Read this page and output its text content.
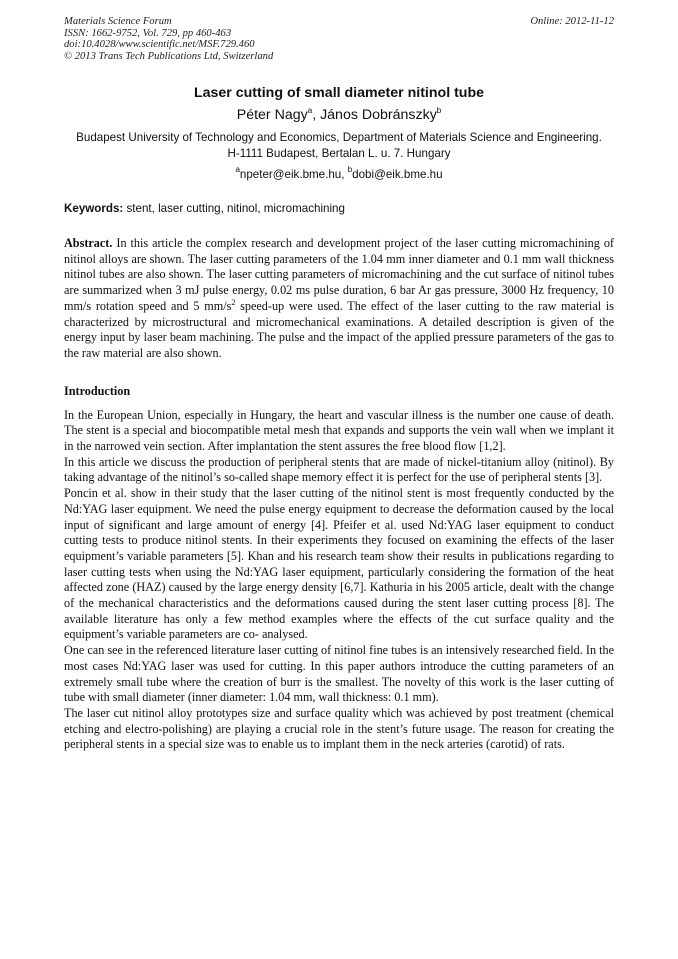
Materials Science Forum
ISSN: 1662-9752, Vol. 729, pp 460-463
doi:10.4028/www.scientific.net/MSF.729.460
© 2013 Trans Tech Publications Ltd, Switzerland
Online: 2012-11-12
Laser cutting of small diameter nitinol tube
Péter Nagy$^a$, János Dobránszky$^b$
Budapest University of Technology and Economics, Department of Materials Science and Engineering. H-1111 Budapest, Bertalan L. u. 7. Hungary
$^a$npeter@eik.bme.hu, $^b$dobi@eik.bme.hu
Keywords: stent, laser cutting, nitinol, micromachining

Abstract. In this article the complex research and development project of the laser cutting micromachining of nitinol alloys are shown. The laser cutting parameters of the 1.04 mm inner diameter and 0.1 mm wall thickness nitinol tubes are also shown. The laser cutting parameters of micromachining and the cut surface of nitinol tubes are summarized when 3 mJ pulse energy, 0.02 ms pulse duration, 6 bar Ar gas pressure, 3000 Hz frequency, 10 mm/s rotation speed and 5 $mm/s^2$ speed-up were used. The effect of the laser cutting to the raw material is characterized by microstructural and micromechanical examinations. A detailed description is given of the energy input by laser beam machining. The pulse and the impact of the applied pressure parameters of the gas to the raw material are also shown.

Introduction

In the European Union, especially in Hungary, the heart and vascular illness is the number one cause of death. The stent is a special and biocompatible metal mesh that expands and supports the vein wall when we implant it in the narrowed vein section. After implantation the stent assures the free blood flow [1,2].

In this article we discuss the production of peripheral stents that are made of nickel-titanium alloy (nitinol). By taking advantage of the nitinol’s so-called shape memory effect it is perfect for the use of peripheral stents [3].

Poncin et al. show in their study that the laser cutting of the nitinol stent is most frequently conducted by the Nd:YAG laser equipment. We need the pulse energy equipment to decrease the deformation caused by the local input of significant and large amount of energy [4]. Pfeifer et al. used Nd:YAG laser equipment to conduct cutting tests to produce nitinol stents. In their experiments they focused on examining the effects of the laser equipment’s variable parameters [5]. Khan and his research team show their results in publications regarding to laser cutting tests when using the Nd:YAG laser equipment, particularly considering the formation of the heat affected zone (HAZ) caused by the large energy density [6,7]. Kathuria in his 2005 article, dealt with the change of the mechanical characteristics and the deformations caused during the stent laser cutting process [8]. The available literature has only a few method examples where the effects of the cut surface quality and the equipment’s variable parameters are co- analysed.

One can see in the referenced literature laser cutting of nitinol fine tubes is an intensively researched field. In the most cases Nd:YAG laser was used for cutting. In this paper authors introduce the cutting parameters of an extremely small tube where the creation of burr is the smallest. The novelty of this work is the laser cutting of tube with small diameter (inner diameter: 1.04 mm, wall thickness: 0.1 mm).

The laser cut nitinol alloy prototypes size and surface quality which was achieved by post treatment (chemical etching and electro-polishing) are playing a crucial role in the stent’s future usage. The reason for creating the peripheral stents in a special size was to enable us to implant them in the neck arteries (carotid) of rats.
